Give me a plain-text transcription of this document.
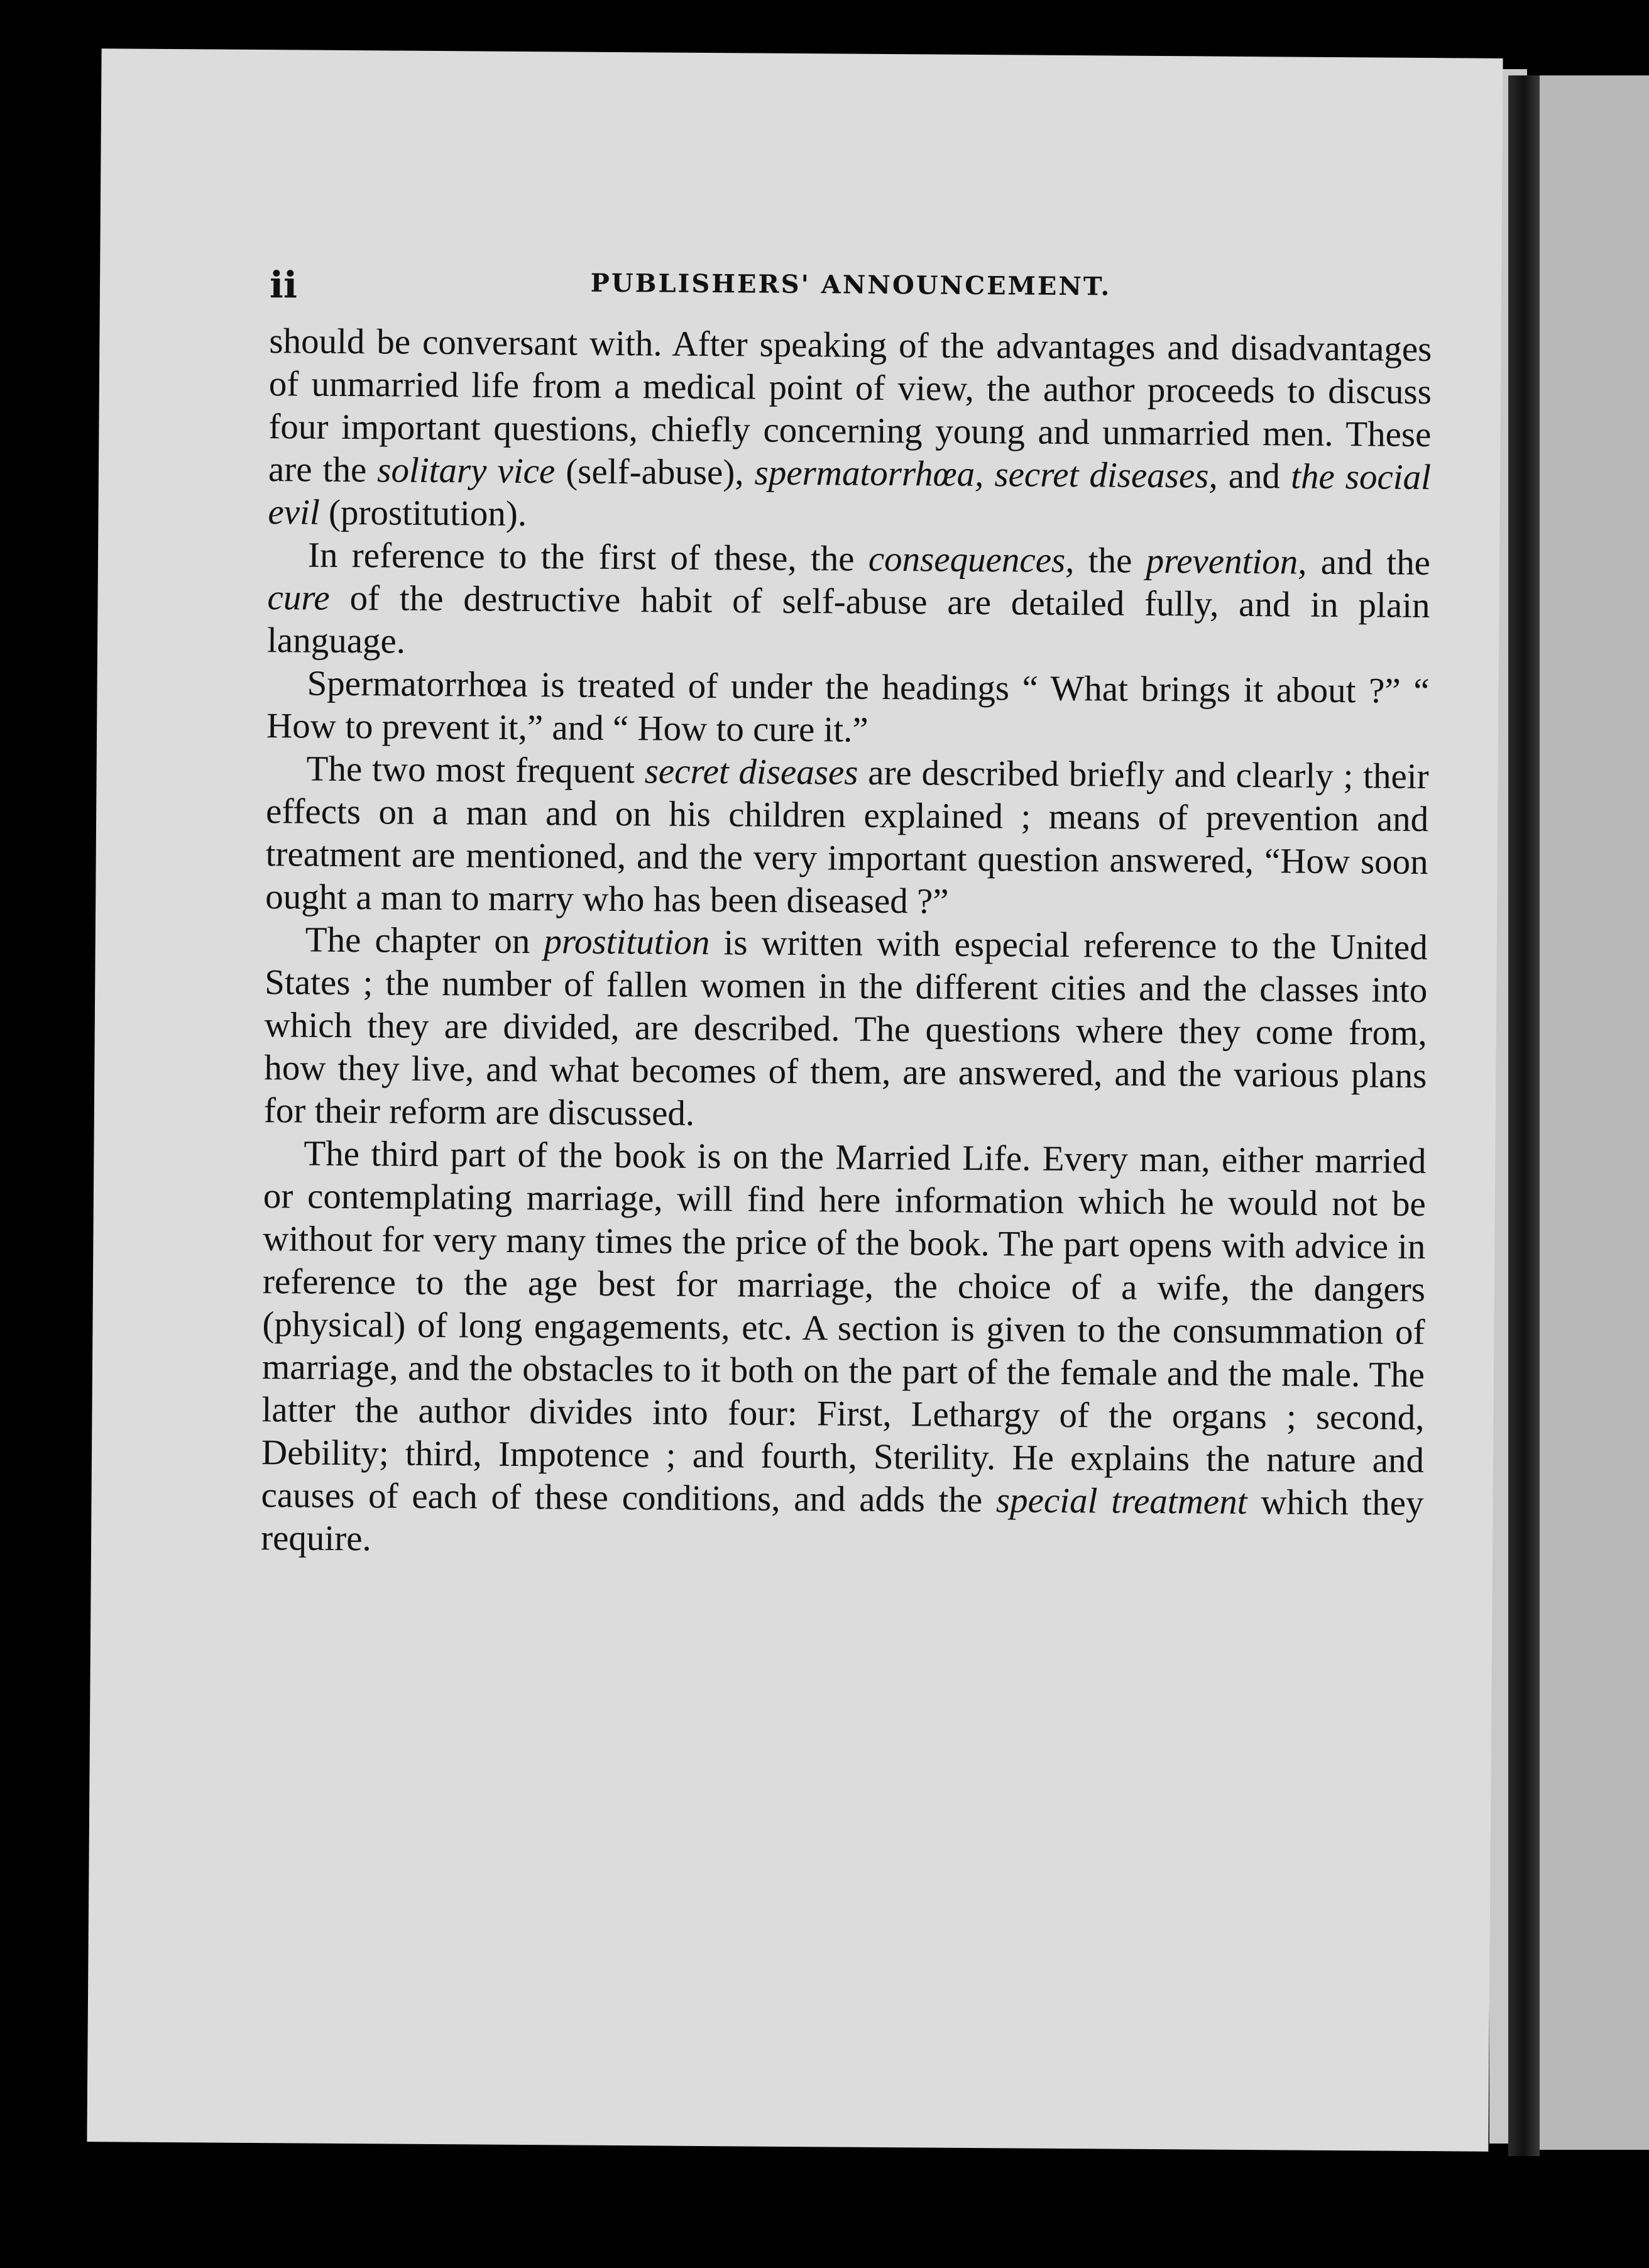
ii	PUBLISHERS' ANNOUNCEMENT.

should be conversant with. After speaking of the advantages and disadvantages of unmarried life from a medical point of view, the author proceeds to discuss four important questions, chiefly concerning young and unmarried men. These are the solitary vice (self-abuse), spermatorrhœa, secret diseases, and the social evil (prostitution).

In reference to the first of these, the consequences, the prevention, and the cure of the destructive habit of self-abuse are detailed fully, and in plain language.

Spermatorrhœa is treated of under the headings “ What brings it about ?” “ How to prevent it,” and “ How to cure it.”

The two most frequent secret diseases are described briefly and clearly ; their effects on a man and on his children explained ; means of prevention and treatment are mentioned, and the very important question answered, “How soon ought a man to marry who has been diseased ?”

The chapter on prostitution is written with especial reference to the United States ; the number of fallen women in the different cities and the classes into which they are divided, are described. The questions where they come from, how they live, and what becomes of them, are answered, and the various plans for their reform are discussed.

The third part of the book is on the Married Life. Every man, either married or contemplating marriage, will find here information which he would not be without for very many times the price of the book. The part opens with advice in reference to the age best for marriage, the choice of a wife, the dangers (physical) of long engagements, etc. A section is given to the consummation of marriage, and the obstacles to it both on the part of the female and the male. The latter the author divides into four: First, Lethargy of the organs ; second, Debility; third, Impotence ; and fourth, Sterility. He explains the nature and causes of each of these conditions, and adds the special treatment which they require.
